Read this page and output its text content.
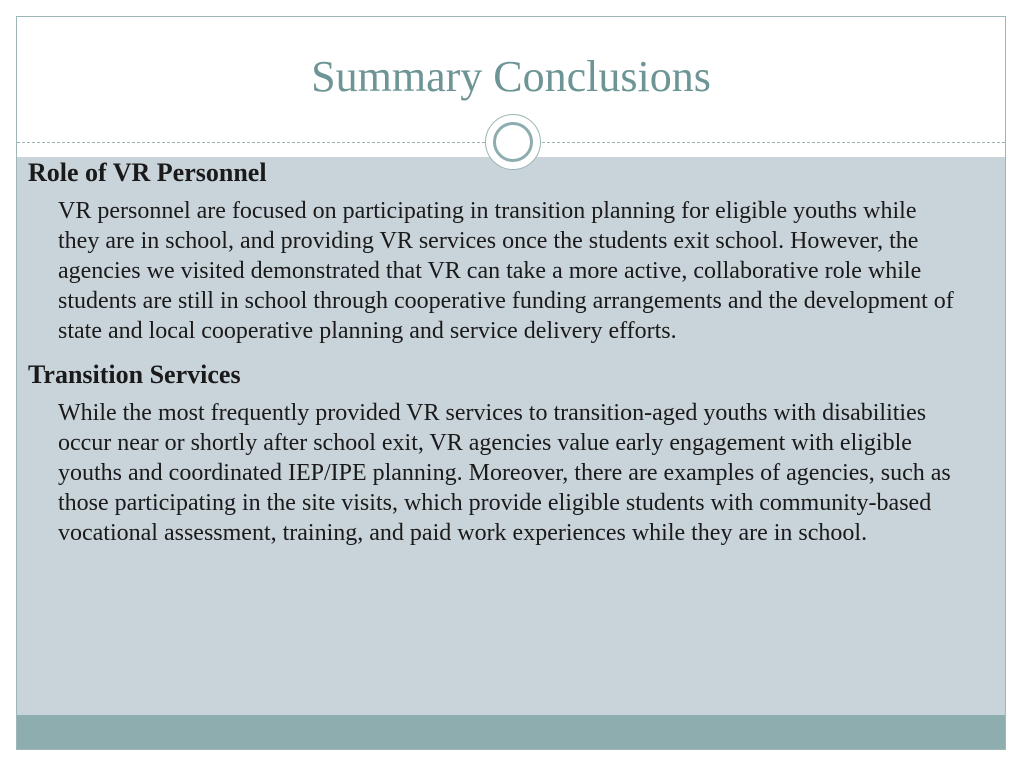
Summary Conclusions

Role of VR Personnel

VR personnel are focused on participating in transition planning for eligible youths while they are in school, and providing VR services once the students exit school. However, the agencies we visited demonstrated that VR can take a more active, collaborative role while students are still in school through cooperative funding arrangements and the development of state and local cooperative planning and service delivery efforts.

Transition Services

While the most frequently provided VR services to transition-aged youths with disabilities occur near or shortly after school exit, VR agencies value early engagement with eligible youths and coordinated IEP/IPE planning. Moreover, there are examples of agencies, such as those participating in the site visits, which provide eligible students with community-based vocational assessment, training, and paid work experiences while they are in school.
